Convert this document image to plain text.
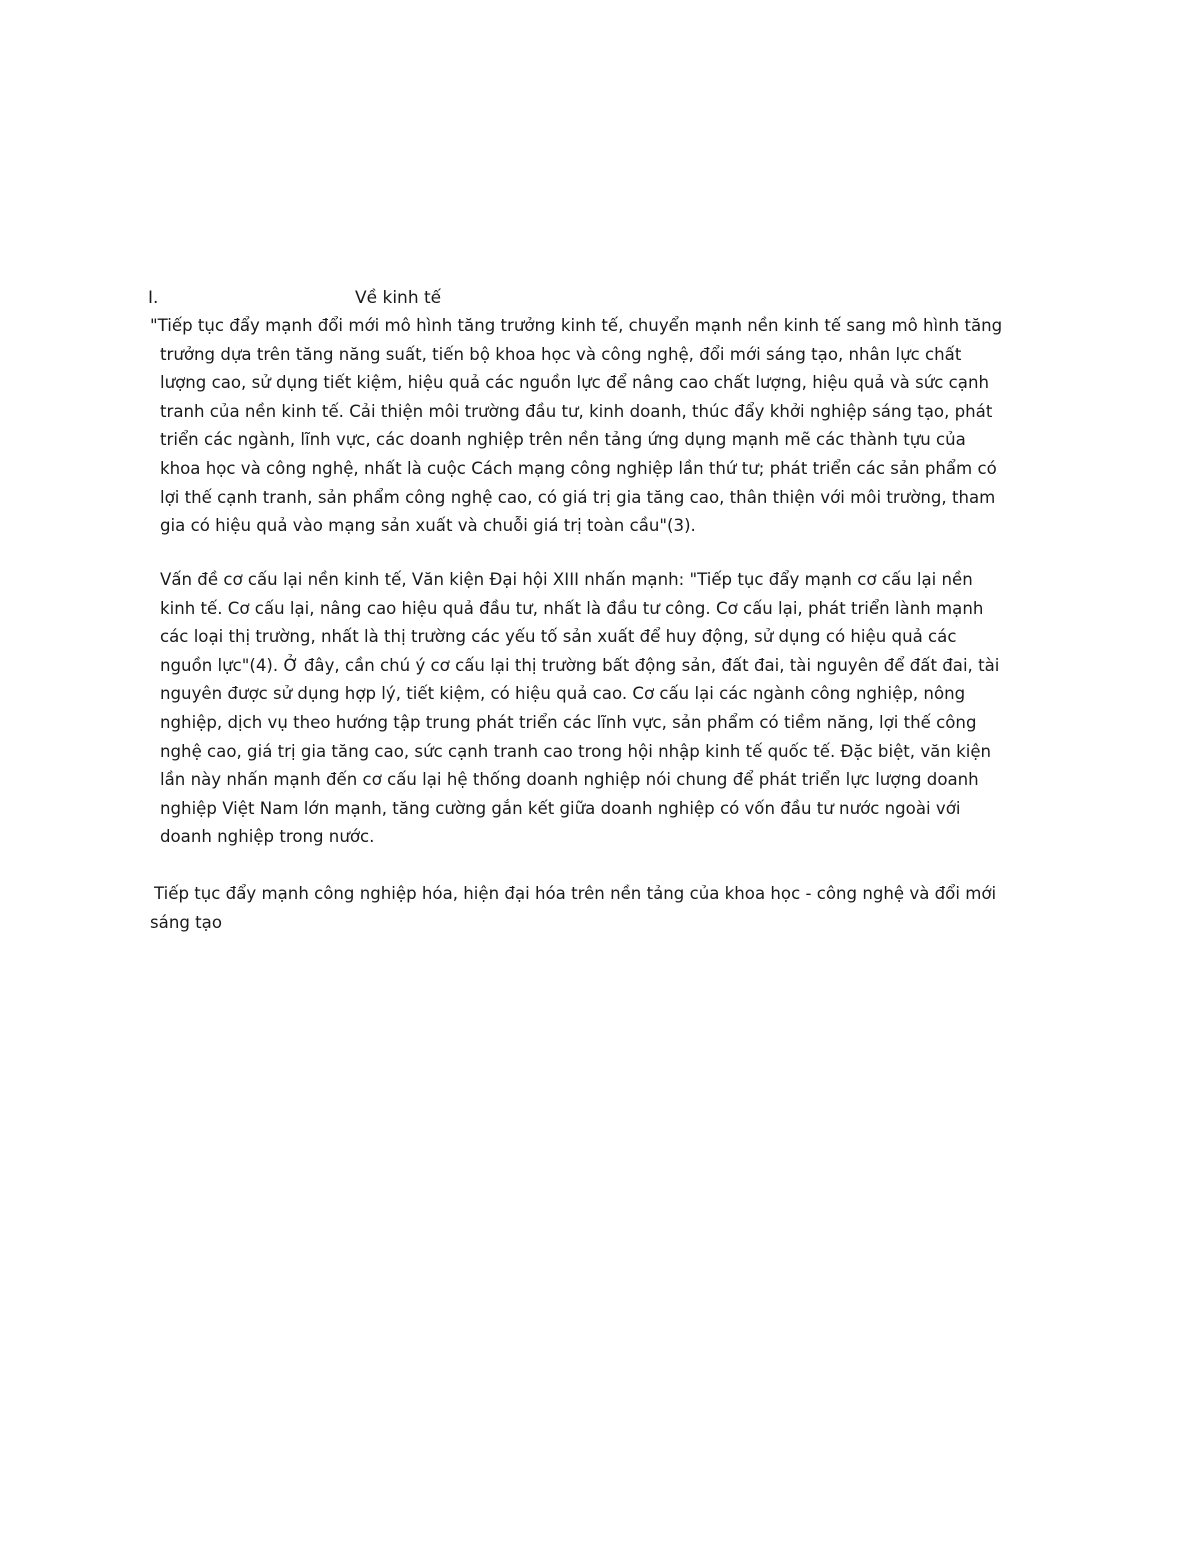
I.	Về kinh tế

"Tiếp tục đẩy mạnh đổi mới mô hình tăng trưởng kinh tế, chuyển mạnh nền kinh tế sang mô hình tăng trưởng dựa trên tăng năng suất, tiến bộ khoa học và công nghệ, đổi mới sáng tạo, nhân lực chất lượng cao, sử dụng tiết kiệm, hiệu quả các nguồn lực để nâng cao chất lượng, hiệu quả và sức cạnh tranh của nền kinh tế. Cải thiện môi trường đầu tư, kinh doanh, thúc đẩy khởi nghiệp sáng tạo, phát triển các ngành, lĩnh vực, các doanh nghiệp trên nền tảng ứng dụng mạnh mẽ các thành tựu của khoa học và công nghệ, nhất là cuộc Cách mạng công nghiệp lần thứ tư; phát triển các sản phẩm có lợi thế cạnh tranh, sản phẩm công nghệ cao, có giá trị gia tăng cao, thân thiện với môi trường, tham gia có hiệu quả vào mạng sản xuất và chuỗi giá trị toàn cầu"(3).

Vấn đề cơ cấu lại nền kinh tế, Văn kiện Đại hội XIII nhấn mạnh: "Tiếp tục đẩy mạnh cơ cấu lại nền kinh tế. Cơ cấu lại, nâng cao hiệu quả đầu tư, nhất là đầu tư công. Cơ cấu lại, phát triển lành mạnh các loại thị trường, nhất là thị trường các yếu tố sản xuất để huy động, sử dụng có hiệu quả các nguồn lực"(4). Ở đây, cần chú ý cơ cấu lại thị trường bất động sản, đất đai, tài nguyên để đất đai, tài nguyên được sử dụng hợp lý, tiết kiệm, có hiệu quả cao. Cơ cấu lại các ngành công nghiệp, nông nghiệp, dịch vụ theo hướng tập trung phát triển các lĩnh vực, sản phẩm có tiềm năng, lợi thế công nghệ cao, giá trị gia tăng cao, sức cạnh tranh cao trong hội nhập kinh tế quốc tế. Đặc biệt, văn kiện lần này nhấn mạnh đến cơ cấu lại hệ thống doanh nghiệp nói chung để phát triển lực lượng doanh nghiệp Việt Nam lớn mạnh, tăng cường gắn kết giữa doanh nghiệp có vốn đầu tư nước ngoài với doanh nghiệp trong nước.

Tiếp tục đẩy mạnh công nghiệp hóa, hiện đại hóa trên nền tảng của khoa học - công nghệ và đổi mới sáng tạo
